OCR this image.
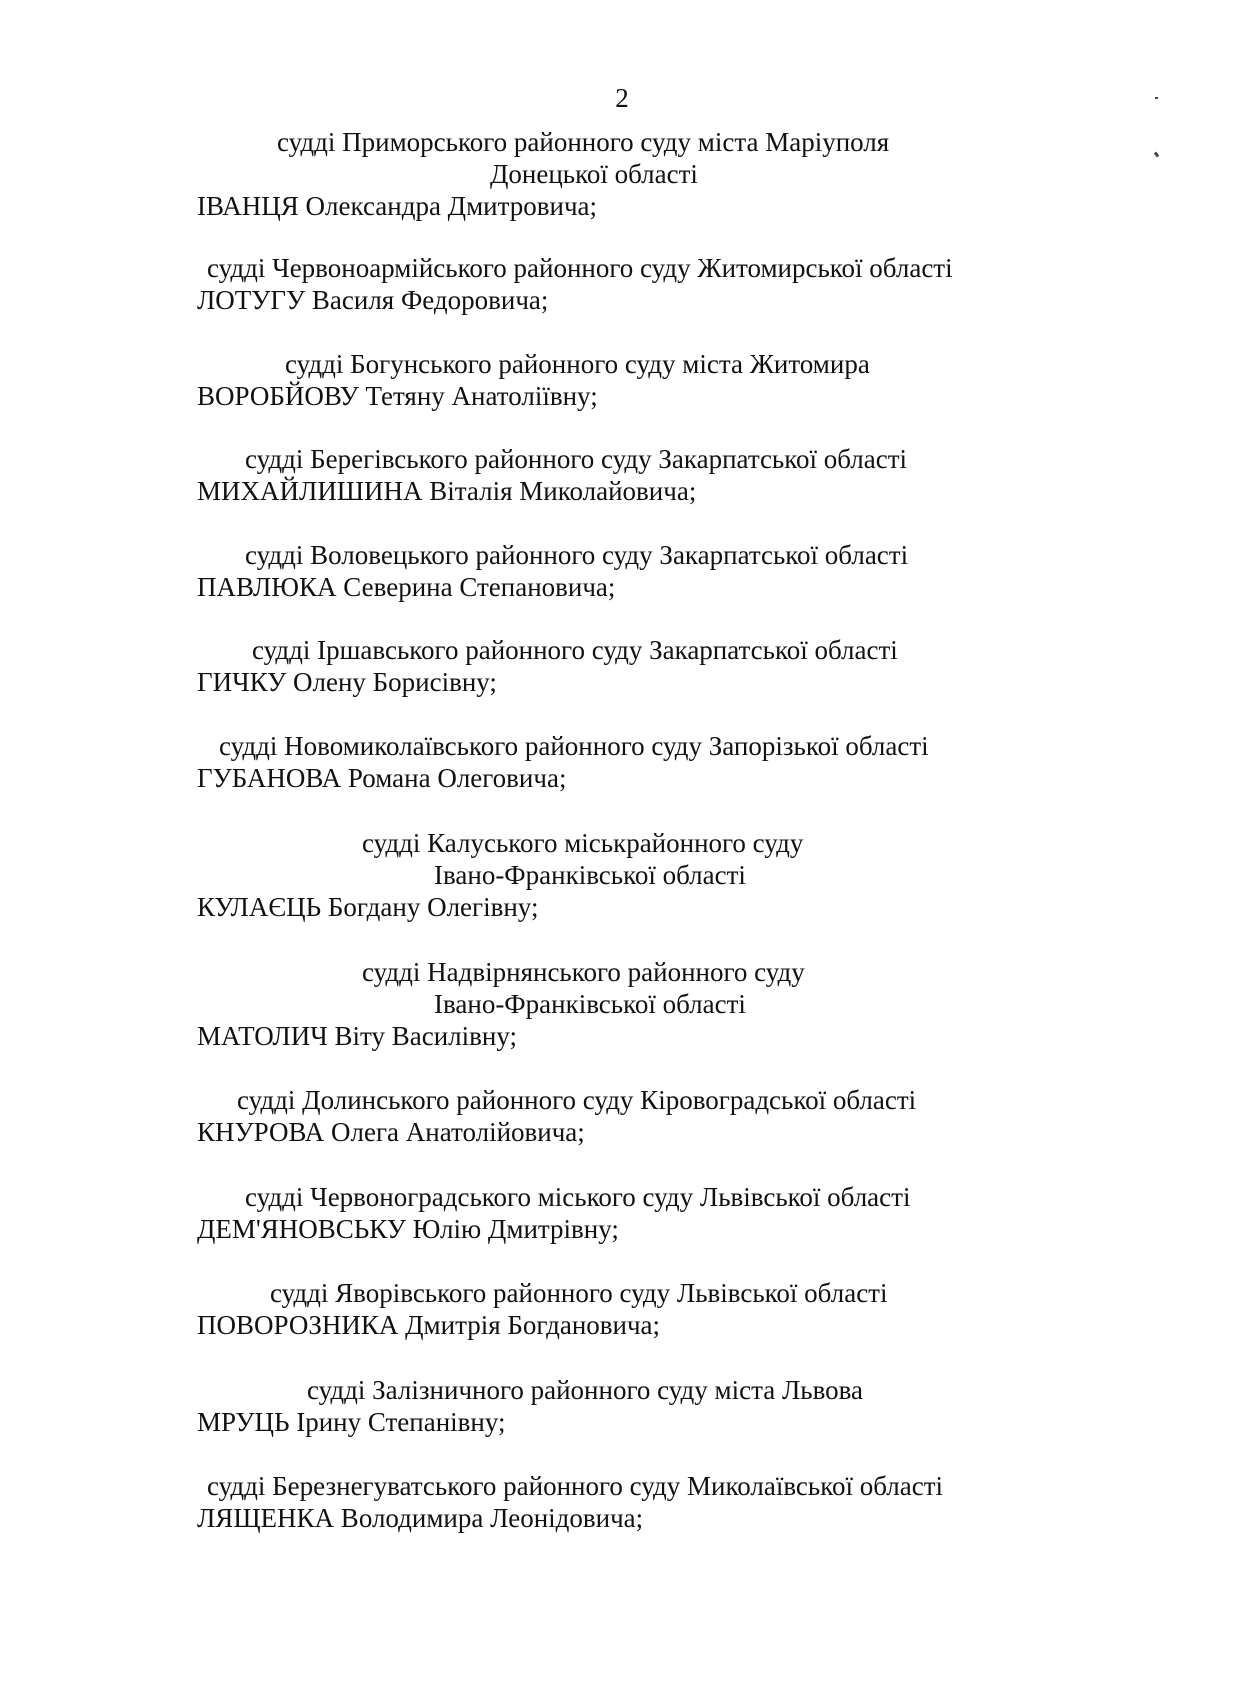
2
судді Приморського районного суду міста Маріуполя
Донецької області
ІВАНЦЯ Олександра Дмитровича;
судді Червоноармійського районного суду Житомирської області
ЛОТУГУ Василя Федоровича;
судді Богунського районного суду міста Житомира
ВОРОБЙОВУ Тетяну Анатоліївну;
судді Берегівського районного суду Закарпатської області
МИХАЙЛИШИНА Віталія Миколайовича;
судді Воловецького районного суду Закарпатської області
ПАВЛЮКА Северина Степановича;
судді Іршавського районного суду Закарпатської області
ГИЧКУ Олену Борисівну;
судді Новомиколаївського районного суду Запорізької області
ГУБАНОВА Романа Олеговича;
судді Калуського міськрайонного суду
Івано-Франківської області
КУЛАЄЦЬ Богдану Олегівну;
судді Надвірнянського районного суду
Івано-Франківської області
МАТОЛИЧ Віту Василівну;
судді Долинського районного суду Кіровоградської області
КНУРОВА Олега Анатолійовича;
судді Червоноградського міського суду Львівської області
ДЕМ'ЯНОВСЬКУ Юлію Дмитрівну;
судді Яворівського районного суду Львівської області
ПОВОРОЗНИКА Дмитрія Богдановича;
судді Залізничного районного суду міста Львова
МРУЦЬ Ірину Степанівну;
судді Березнегуватського районного суду Миколаївської області
ЛЯЩЕНКА Володимира Леонідовича;
